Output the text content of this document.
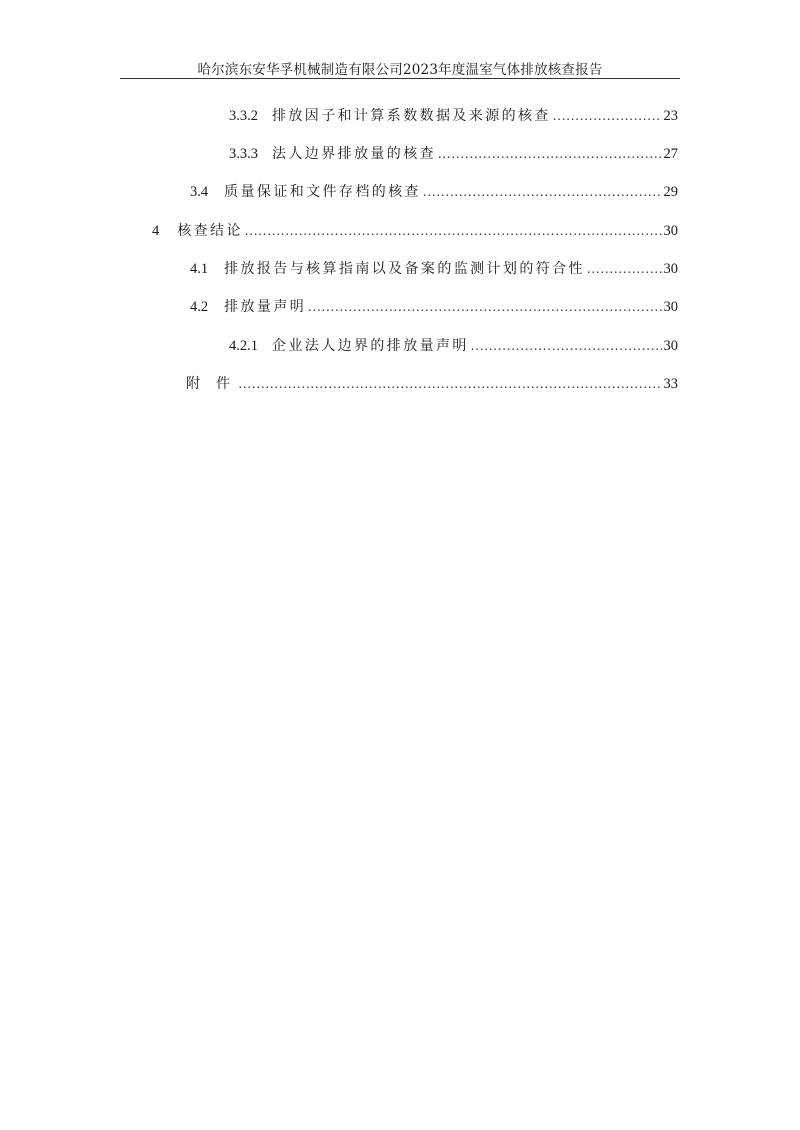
哈尔滨东安华孚机械制造有限公司2023年度温室气体排放核查报告
3.3.2 排放因子和计算系数数据及来源的核查 .....	23
3.3.3 法人边界排放量的核查 .....	27
3.4 质量保证和文件存档的核查 .....	29
4 核查结论 .....	30
4.1 排放报告与核算指南以及备案的监测计划的符合性 .....	30
4.2 排放量声明 .....	30
4.2.1 企业法人边界的排放量声明 .....	30
附  件 .....	33
